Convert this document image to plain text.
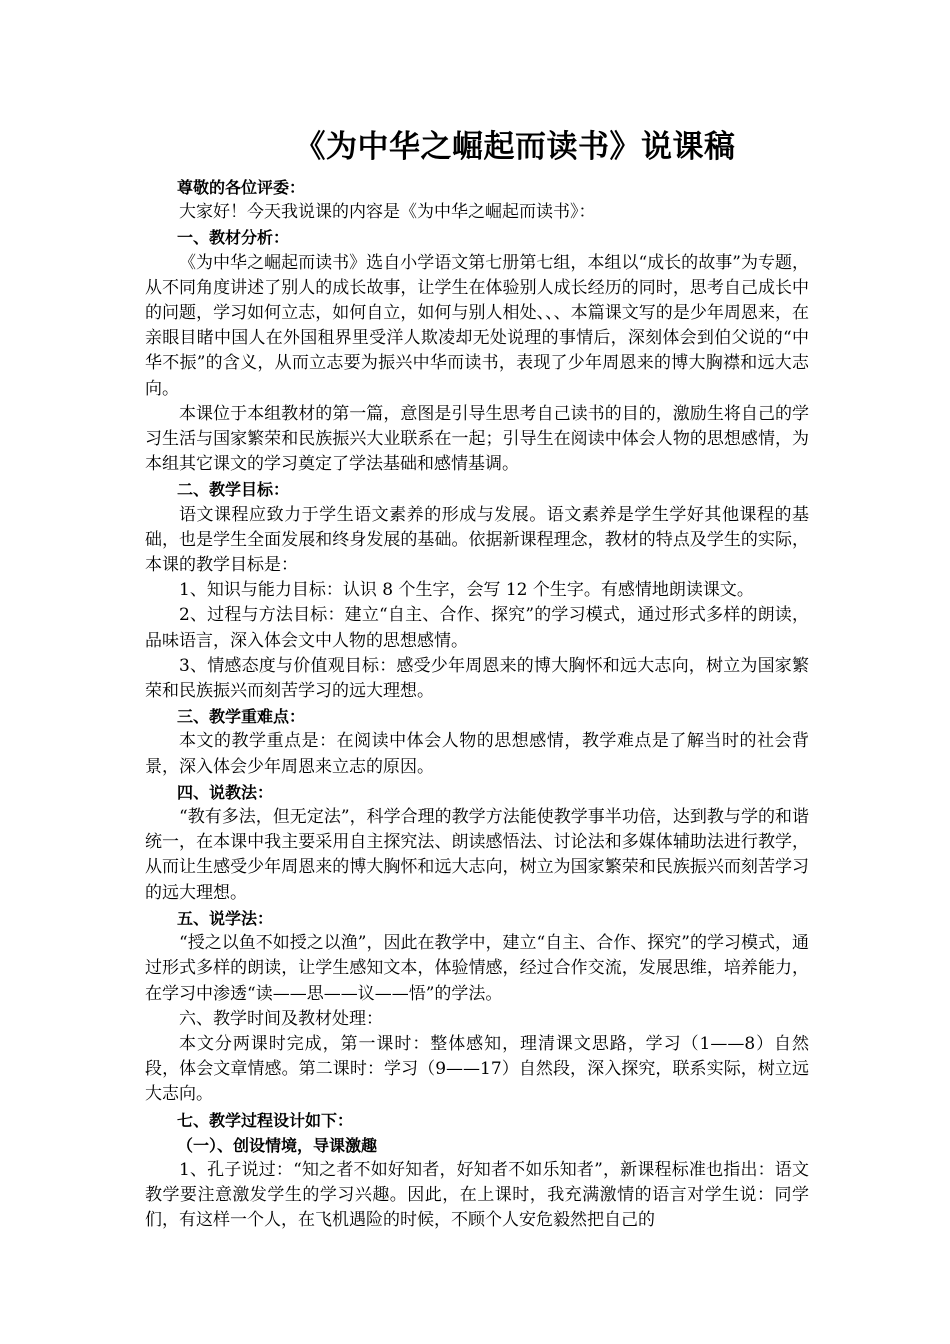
《为中华之崛起而读书》说课稿

尊敬的各位评委：

大家好！今天我说课的内容是《为中华之崛起而读书》：

一、教材分析：

《为中华之崛起而读书》选自小学语文第七册第七组，本组以“成长的故事”为专题，从不同角度讲述了别人的成长故事，让学生在体验别人成长经历的同时，思考自己成长中的问题，学习如何立志，如何自立，如何与别人相处、、、本篇课文写的是少年周恩来，在亲眼目睹中国人在外国租界里受洋人欺凌却无处说理的事情后，深刻体会到伯父说的“中华不振”的含义，从而立志要为振兴中华而读书，表现了少年周恩来的博大胸襟和远大志向。

本课位于本组教材的第一篇，意图是引导生思考自己读书的目的，激励生将自己的学习生活与国家繁荣和民族振兴大业联系在一起；引导生在阅读中体会人物的思想感情，为本组其它课文的学习奠定了学法基础和感情基调。

二、教学目标：

语文课程应致力于学生语文素养的形成与发展。语文素养是学生学好其他课程的基础，也是学生全面发展和终身发展的基础。依据新课程理念，教材的特点及学生的实际，本课的教学目标是：

1、知识与能力目标：认识 8 个生字，会写 12 个生字。有感情地朗读课文。

2、过程与方法目标：建立“自主、合作、探究”的学习模式，通过形式多样的朗读，品味语言，深入体会文中人物的思想感情。

3、情感态度与价值观目标：感受少年周恩来的博大胸怀和远大志向，树立为国家繁荣和民族振兴而刻苦学习的远大理想。

三、教学重难点：

本文的教学重点是：在阅读中体会人物的思想感情，教学难点是了解当时的社会背景，深入体会少年周恩来立志的原因。

四、说教法：

“教有多法，但无定法”，科学合理的教学方法能使教学事半功倍，达到教与学的和谐统一，在本课中我主要采用自主探究法、朗读感悟法、讨论法和多媒体辅助法进行教学，从而让生感受少年周恩来的博大胸怀和远大志向，树立为国家繁荣和民族振兴而刻苦学习的远大理想。

五、说学法：

“授之以鱼不如授之以渔”，因此在教学中，建立“自主、合作、探究”的学习模式，通过形式多样的朗读，让学生感知文本，体验情感，经过合作交流，发展思维，培养能力，在学习中渗透“读——思——议——悟”的学法。

六、教学时间及教材处理：

本文分两课时完成，第一课时：整体感知，理清课文思路，学习（1——8）自然段，体会文章情感。第二课时：学习（9——17）自然段，深入探究，联系实际，树立远大志向。

七、教学过程设计如下：

（一）、创设情境，导课激趣

1、孔子说过：“知之者不如好知者，好知者不如乐知者”，新课程标准也指出：语文教学要注意激发学生的学习兴趣。因此，在上课时，我充满激情的语言对学生说：同学们，有这样一个人，在飞机遇险的时候，不顾个人安危毅然把自己的
